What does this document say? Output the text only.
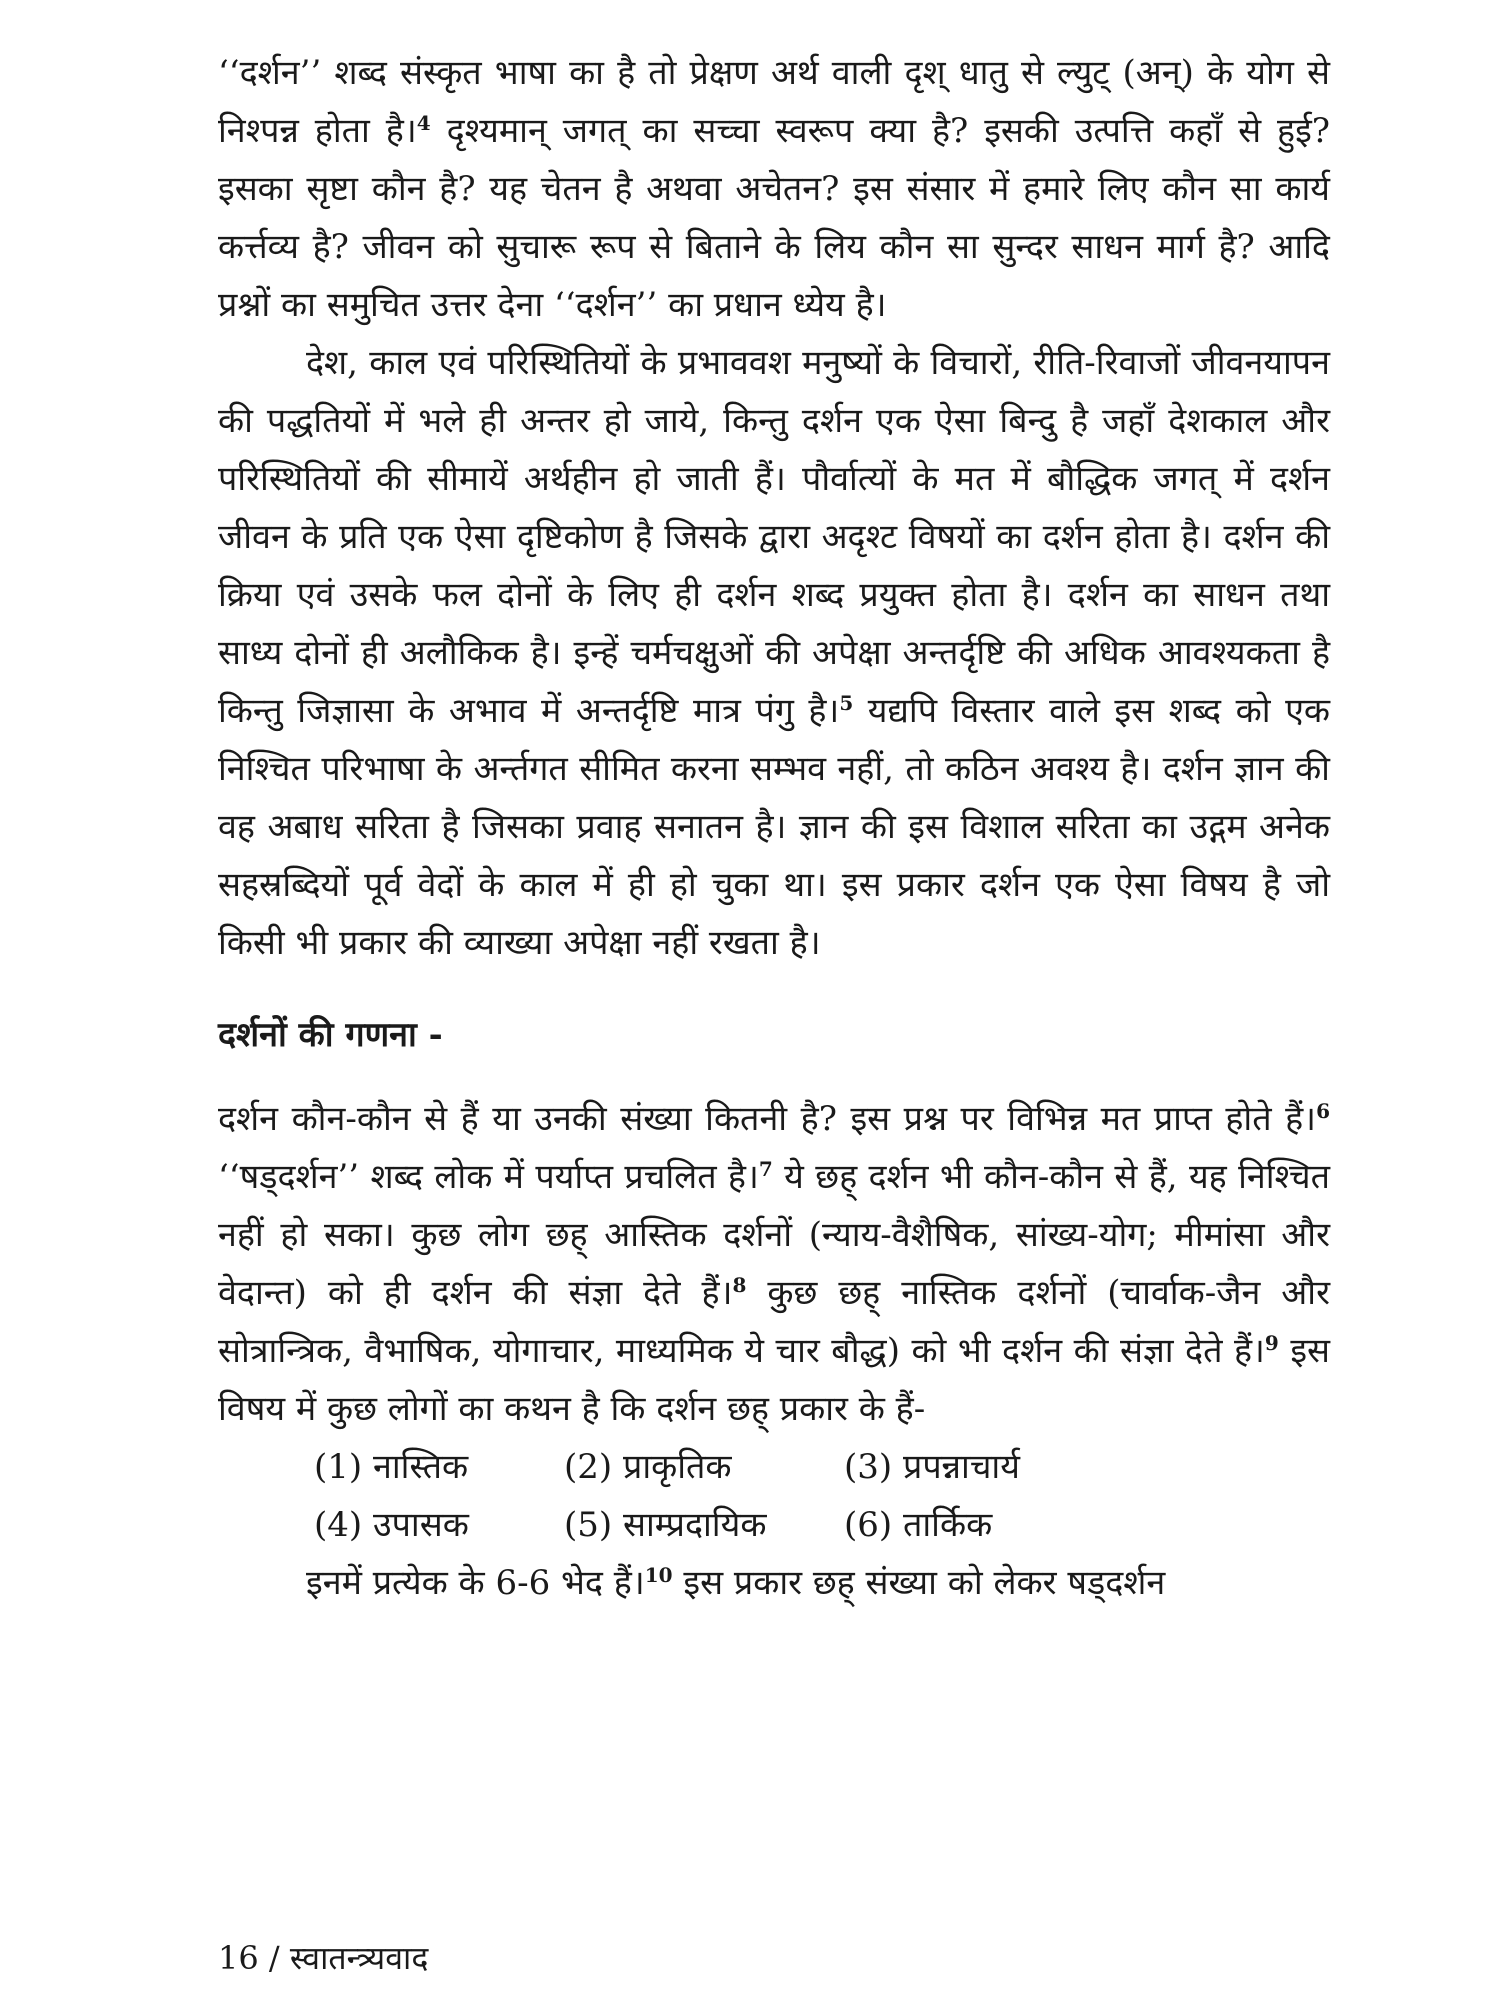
‘‘दर्शन’’ शब्द संस्कृत भाषा का है तो प्रेक्षण अर्थ वाली दृश् धातु से ल्युट् (अन्) के योग से निश्पन्न होता है।$^4$ दृश्यमान् जगत् का सच्चा स्वरूप क्या है? इसकी उत्पत्ति कहाँ से हुई? इसका सृष्टा कौन है? यह चेतन है अथवा अचेतन? इस संसार में हमारे लिए कौन सा कार्य कर्त्तव्य है? जीवन को सुचारू रूप से बिताने के लिय कौन सा सुन्दर साधन मार्ग है? आदि प्रश्नों का समुचित उत्तर देना ‘‘दर्शन’’ का प्रधान ध्येय है।

देश, काल एवं परिस्थितियों के प्रभाववश मनुष्यों के विचारों, रीति-रिवाजों जीवनयापन की पद्धतियों में भले ही अन्तर हो जाये, किन्तु दर्शन एक ऐसा बिन्दु है जहाँ देशकाल और परिस्थितियों की सीमायें अर्थहीन हो जाती हैं। पौर्वात्यों के मत में बौद्धिक जगत् में दर्शन जीवन के प्रति एक ऐसा दृष्टिकोण है जिसके द्वारा अदृश्ट विषयों का दर्शन होता है। दर्शन की क्रिया एवं उसके फल दोनों के लिए ही दर्शन शब्द प्रयुक्त होता है। दर्शन का साधन तथा साध्य दोनों ही अलौकिक है। इन्हें चर्मचक्षुओं की अपेक्षा अन्तर्दृष्टि की अधिक आवश्यकता है किन्तु जिज्ञासा के अभाव में अन्तर्दृष्टि मात्र पंगु है।$^5$ यद्यपि विस्तार वाले इस शब्द को एक निश्चित परिभाषा के अर्न्तगत सीमित करना सम्भव नहीं, तो कठिन अवश्य है। दर्शन ज्ञान की वह अबाध सरिता है जिसका प्रवाह सनातन है। ज्ञान की इस विशाल सरिता का उद्गम अनेक सहस्रब्दियों पूर्व वेदों के काल में ही हो चुका था। इस प्रकार दर्शन एक ऐसा विषय है जो किसी भी प्रकार की व्याख्या अपेक्षा नहीं रखता है।

दर्शनों की गणना -

दर्शन कौन-कौन से हैं या उनकी संख्या कितनी है? इस प्रश्न पर विभिन्न मत प्राप्त होते हैं।$^6$ ‘‘षड्दर्शन’’ शब्द लोक में पर्याप्त प्रचलित है।$^7$ ये छह् दर्शन भी कौन-कौन से हैं, यह निश्चित नहीं हो सका। कुछ लोग छह् आस्तिक दर्शनों (न्याय-वैशैषिक, सांख्य-योग; मीमांसा और वेदान्त) को ही दर्शन की संज्ञा देते हैं।$^8$ कुछ छह् नास्तिक दर्शनों (चार्वाक-जैन और सोत्रान्त्रिक, वैभाषिक, योगाचार, माध्यमिक ये चार बौद्ध) को भी दर्शन की संज्ञा देते हैं।$^9$ इस विषय में कुछ लोगों का कथन है कि दर्शन छह् प्रकार के हैं-

(1) नास्तिक	(2) प्राकृतिक	(3) प्रपन्नाचार्य
(4) उपासक	(5) साम्प्रदायिक	(6) तार्किक

इनमें प्रत्येक के 6-6 भेद हैं।$^{10}$ इस प्रकार छह् संख्या को लेकर षड्दर्शन

16 / स्वातन्त्र्यवाद
